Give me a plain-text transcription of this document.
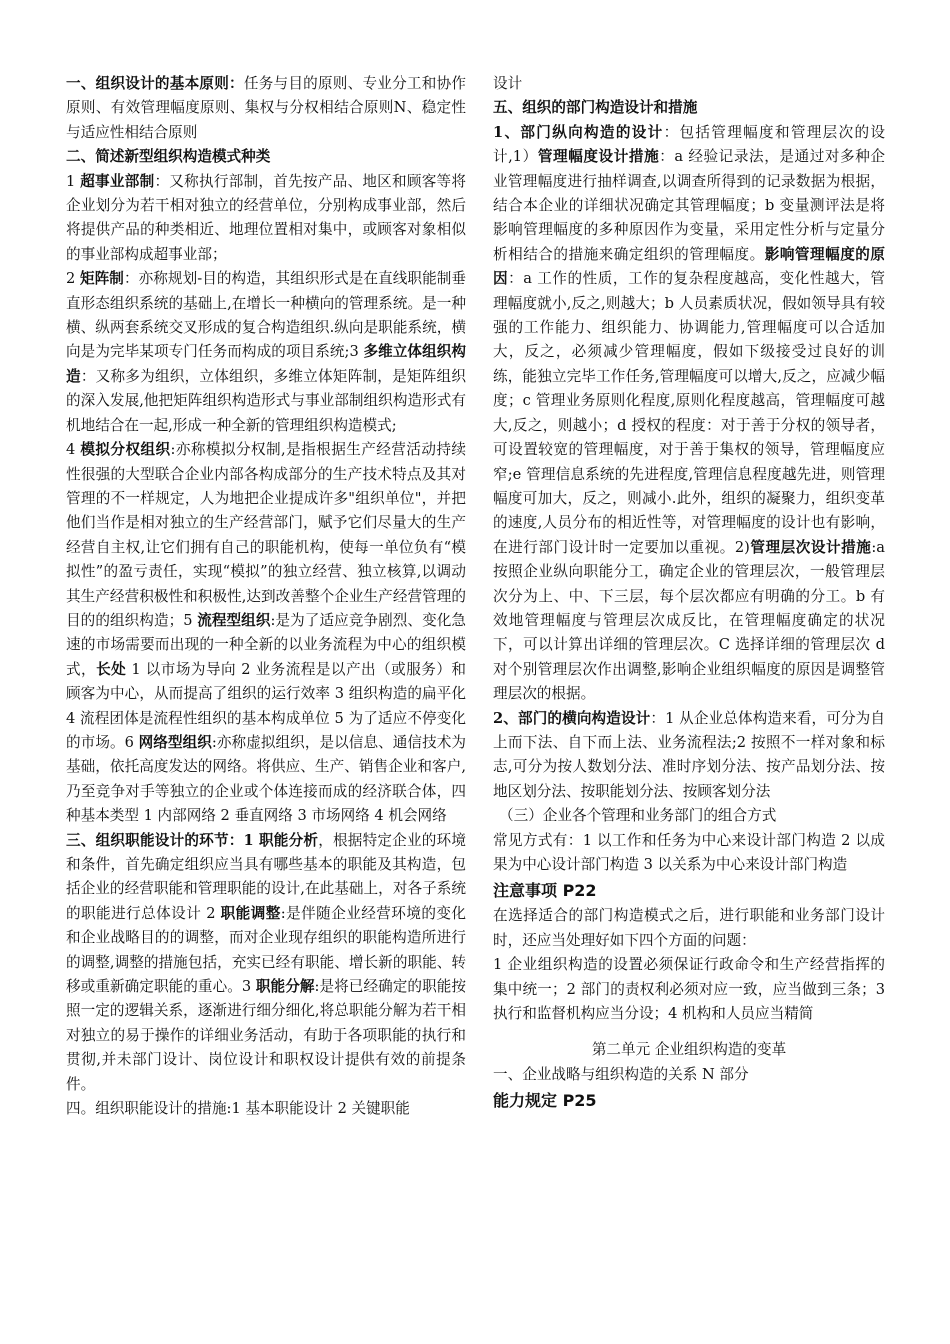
一、组织设计的基本原则：任务与目的原则、专业分工和协作原则、有效管理幅度原则、集权与分权相结合原则N、稳定性与适应性相结合原则

二、简述新型组织构造模式种类

1 超事业部制：又称执行部制，首先按产品、地区和顾客等将企业划分为若干相对独立的经营单位，分别构成事业部，然后将提供产品的种类相近、地理位置相对集中，或顾客对象相似的事业部构成超事业部；

2 矩阵制：亦称规划-目的构造，其组织形式是在直线职能制垂直形态组织系统的基础上,在增长一种横向的管理系统。是一种横、纵两套系统交叉形成的复合构造组织.纵向是职能系统，横向是为完毕某项专门任务而构成的项目系统;3 多维立体组织构造：又称多为组织，立体组织，多维立体矩阵制，是矩阵组织的深入发展,他把矩阵组织构造形式与事业部制组织构造形式有机地结合在一起,形成一种全新的管理组织构造模式;

4 模拟分权组织:亦称模拟分权制,是指根据生产经营活动持续性很强的大型联合企业内部各构成部分的生产技术特点及其对管理的不一样规定，人为地把企业提成许多"组织单位"，并把他们当作是相对独立的生产经营部门，赋予它们尽量大的生产经营自主权,让它们拥有自己的职能机构，使每一单位负有“模拟性”的盈亏责任，实现“模拟”的独立经营、独立核算,以调动其生产经营积极性和积极性,达到改善整个企业生产经营管理的目的的组织构造；5 流程型组织:是为了适应竞争剧烈、变化急速的市场需要而出现的一种全新的以业务流程为中心的组织模式，长处 1 以市场为导向 2 业务流程是以产出（或服务）和顾客为中心，从而提高了组织的运行效率 3 组织构造的扁平化 4 流程团体是流程性组织的基本构成单位 5 为了适应不停变化的市场。6 网络型组织:亦称虚拟组织，是以信息、通信技术为基础，依托高度发达的网络。将供应、生产、销售企业和客户,乃至竞争对手等独立的企业或个体连接而成的经济联合体，四种基本类型 1 内部网络 2 垂直网络 3 市场网络 4 机会网络

三、组织职能设计的环节：1 职能分析，根据特定企业的环境和条件，首先确定组织应当具有哪些基本的职能及其构造，包括企业的经营职能和管理职能的设计,在此基础上，对各子系统的职能进行总体设计 2 职能调整:是伴随企业经营环境的变化和企业战略目的的调整，而对企业现存组织的职能构造所进行的调整,调整的措施包括，充实已经有职能、增长新的职能、转移或重新确定职能的重心。3 职能分解:是将已经确定的职能按照一定的逻辑关系，逐渐进行细分细化,将总职能分解为若干相对独立的易于操作的详细业务活动，有助于各项职能的执行和贯彻,并未部门设计、岗位设计和职权设计提供有效的前提条件。

四。组织职能设计的措施:1 基本职能设计 2 关键职能

设计

五、组织的部门构造设计和措施

1、部门纵向构造的设计：包括管理幅度和管理层次的设计,1）管理幅度设计措施：a 经验记录法，是通过对多种企业管理幅度进行抽样调查,以调查所得到的记录数据为根据，结合本企业的详细状况确定其管理幅度；b 变量测评法是将影响管理幅度的多种原因作为变量，采用定性分析与定量分析相结合的措施来确定组织的管理幅度。影响管理幅度的原因：a 工作的性质，工作的复杂程度越高，变化性越大，管理幅度就小,反之,则越大；b 人员素质状况，假如领导具有较强的工作能力、组织能力、协调能力,管理幅度可以合适加大，反之，必须减少管理幅度，假如下级接受过良好的训练，能独立完毕工作任务,管理幅度可以增大,反之，应减少幅度；c 管理业务原则化程度,原则化程度越高，管理幅度可越大,反之，则越小；d 授权的程度：对于善于分权的领导者，可设置较宽的管理幅度，对于善于集权的领导，管理幅度应窄;e 管理信息系统的先进程度,管理信息程度越先进，则管理幅度可加大，反之，则减小.此外，组织的凝聚力，组织变革的速度,人员分布的相近性等，对管理幅度的设计也有影响，在进行部门设计时一定要加以重视。2)管理层次设计措施:a 按照企业纵向职能分工，确定企业的管理层次，一般管理层次分为上、中、下三层，每个层次都应有明确的分工。b 有效地管理幅度与管理层次成反比，在管理幅度确定的状况下，可以计算出详细的管理层次。C 选择详细的管理层次 d 对个别管理层次作出调整,影响企业组织幅度的原因是调整管理层次的根据。

2、部门的横向构造设计：1 从企业总体构造来看，可分为自上而下法、自下而上法、业务流程法;2 按照不一样对象和标志,可分为按人数划分法、准时序划分法、按产品划分法、按地区划分法、按职能划分法、按顾客划分法

（三）企业各个管理和业务部门的组合方式

常见方式有：1 以工作和任务为中心来设计部门构造 2 以成果为中心设计部门构造 3 以关系为中心来设计部门构造

注意事项 P22

在选择适合的部门构造模式之后，进行职能和业务部门设计时，还应当处理好如下四个方面的问题：

1 企业组织构造的设置必须保证行政命令和生产经营指挥的集中统一；2 部门的责权利必须对应一致，应当做到三条；3 执行和监督机构应当分设；4 机构和人员应当精简

第二单元 企业组织构造的变革

一、企业战略与组织构造的关系 N 部分

能力规定 P25
